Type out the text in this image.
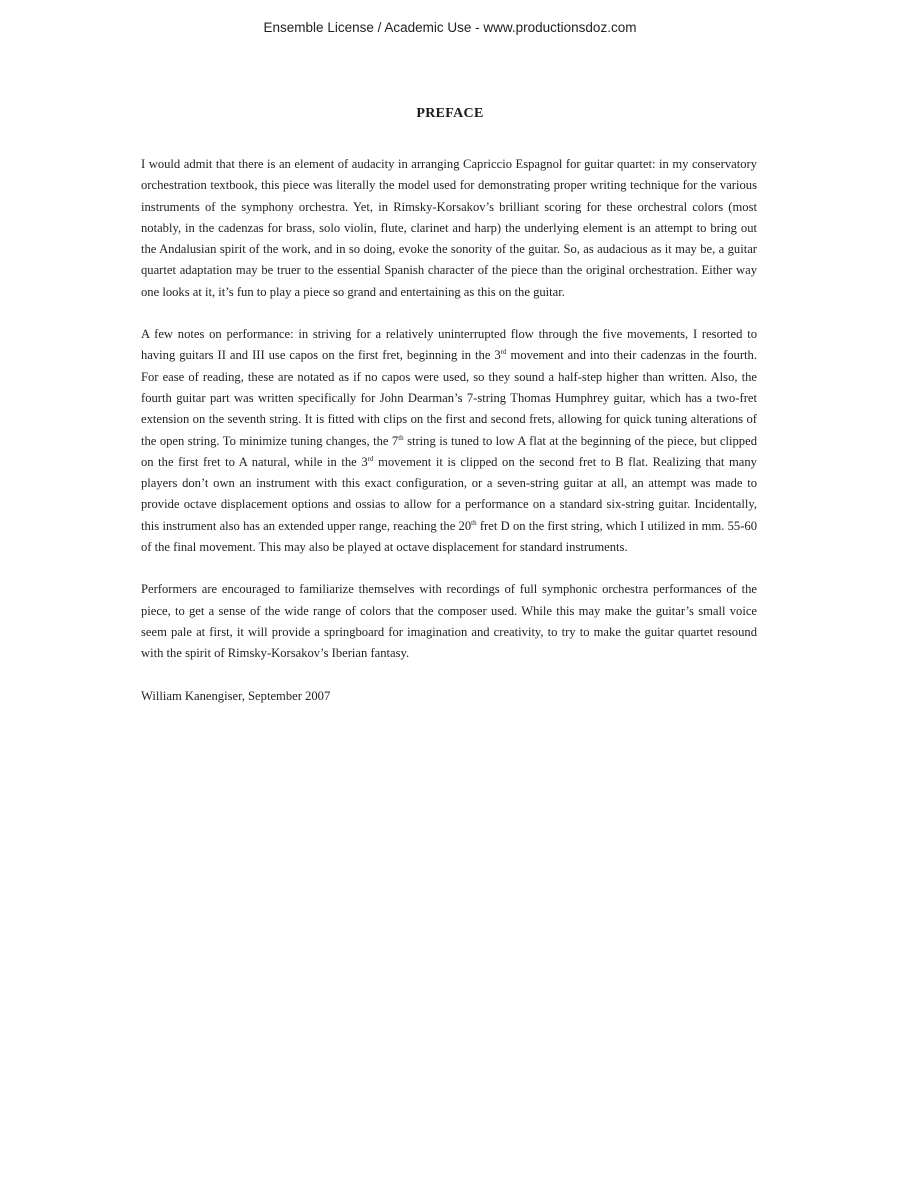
Ensemble License / Academic Use - www.productionsdoz.com
PREFACE

I would admit that there is an element of audacity in arranging Capriccio Espagnol for guitar quartet: in my conservatory orchestration textbook, this piece was literally the model used for demonstrating proper writing technique for the various instruments of the symphony orchestra. Yet, in Rimsky-Korsakov’s brilliant scoring for these orchestral colors (most notably, in the cadenzas for brass, solo violin, flute, clarinet and harp) the underlying element is an attempt to bring out the Andalusian spirit of the work, and in so doing, evoke the sonority of the guitar. So, as audacious as it may be, a guitar quartet adaptation may be truer to the essential Spanish character of the piece than the original orchestration. Either way one looks at it, it’s fun to play a piece so grand and entertaining as this on the guitar.

A few notes on performance: in striving for a relatively uninterrupted flow through the five movements, I resorted to having guitars II and III use capos on the first fret, beginning in the 3rd movement and into their cadenzas in the fourth. For ease of reading, these are notated as if no capos were used, so they sound a half-step higher than written. Also, the fourth guitar part was written specifically for John Dearman’s 7-string Thomas Humphrey guitar, which has a two-fret extension on the seventh string. It is fitted with clips on the first and second frets, allowing for quick tuning alterations of the open string. To minimize tuning changes, the 7th string is tuned to low A flat at the beginning of the piece, but clipped on the first fret to A natural, while in the 3rd movement it is clipped on the second fret to B flat. Realizing that many players don’t own an instrument with this exact configuration, or a seven-string guitar at all, an attempt was made to provide octave displacement options and ossias to allow for a performance on a standard six-string guitar. Incidentally, this instrument also has an extended upper range, reaching the 20th fret D on the first string, which I utilized in mm. 55-60 of the final movement. This may also be played at octave displacement for standard instruments.

Performers are encouraged to familiarize themselves with recordings of full symphonic orchestra performances of the piece, to get a sense of the wide range of colors that the composer used. While this may make the guitar’s small voice seem pale at first, it will provide a springboard for imagination and creativity, to try to make the guitar quartet resound with the spirit of Rimsky-Korsakov’s Iberian fantasy.

William Kanengiser, September 2007
